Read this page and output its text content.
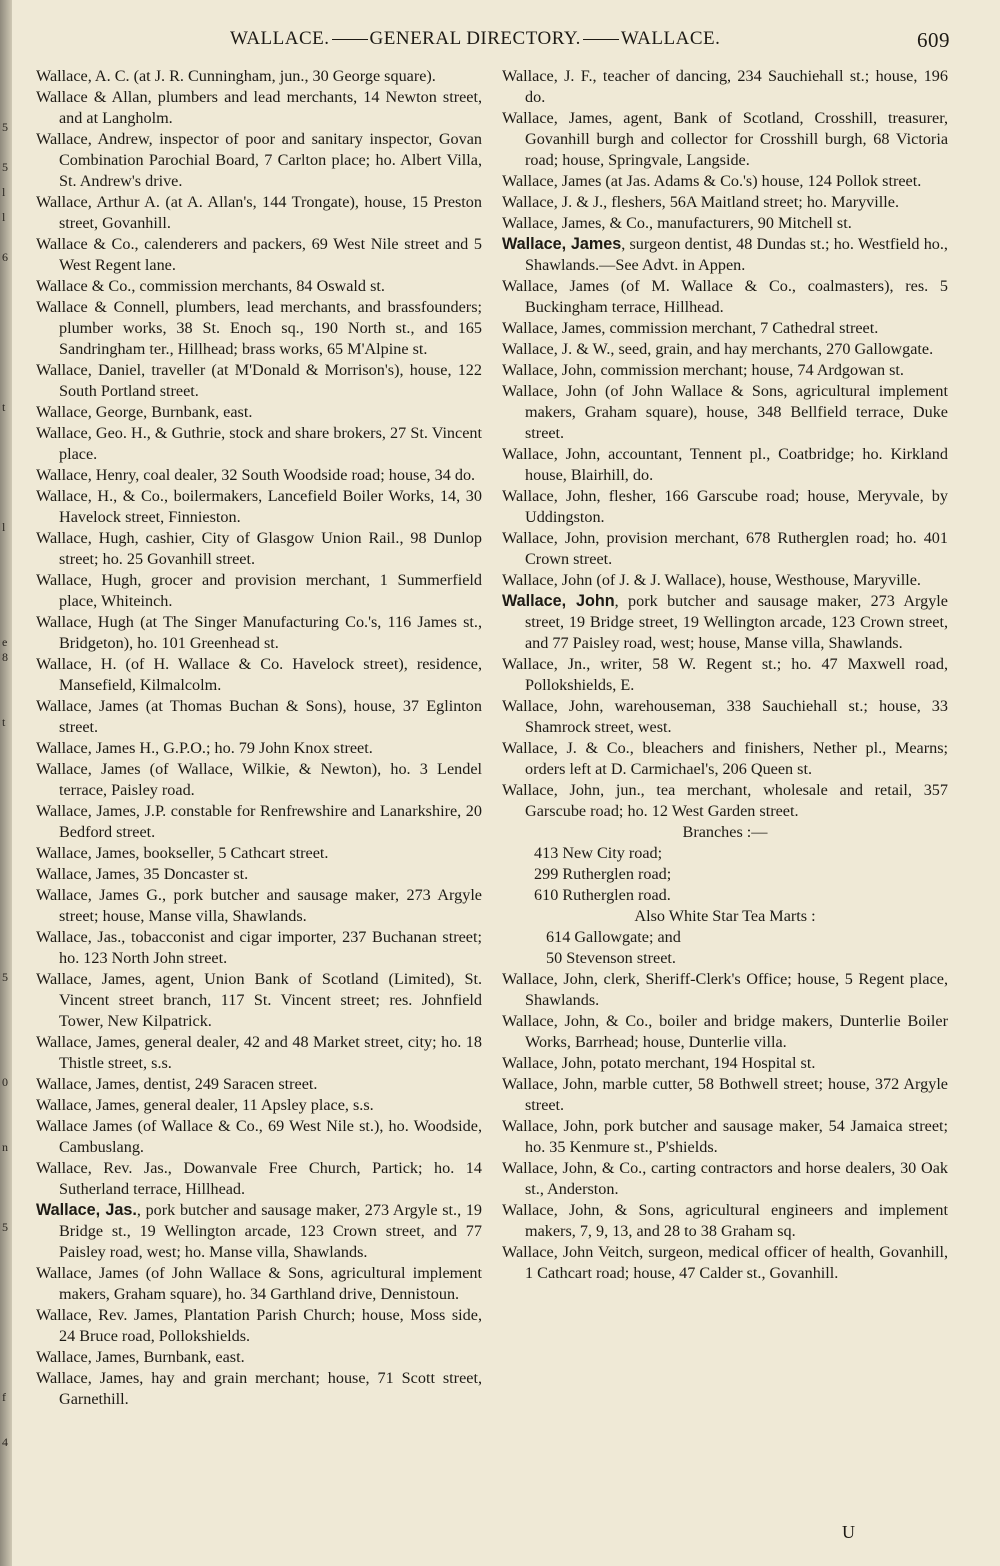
5
5
l
l
6
t
l
e
8
t
5
0
n
5
f
4
WALLACE. GENERAL DIRECTORY. WALLACE.	609
Wallace, A. C. (at J. R. Cunningham, jun., 30 George square).
Wallace & Allan, plumbers and lead merchants, 14 Newton street, and at Langholm.
Wallace, Andrew, inspector of poor and sanitary inspector, Govan Combination Parochial Board, 7 Carlton place; ho. Albert Villa, St. Andrew's drive.
Wallace, Arthur A. (at A. Allan's, 144 Trongate), house, 15 Preston street, Govanhill.
Wallace & Co., calenderers and packers, 69 West Nile street and 5 West Regent lane.
Wallace & Co., commission merchants, 84 Oswald st.
Wallace & Connell, plumbers, lead merchants, and brassfounders; plumber works, 38 St. Enoch sq., 190 North st., and 165 Sandringham ter., Hillhead; brass works, 65 M'Alpine st.
Wallace, Daniel, traveller (at M'Donald & Morrison's), house, 122 South Portland street.
Wallace, George, Burnbank, east.
Wallace, Geo. H., & Guthrie, stock and share brokers, 27 St. Vincent place.
Wallace, Henry, coal dealer, 32 South Woodside road; house, 34 do.
Wallace, H., & Co., boilermakers, Lancefield Boiler Works, 14, 30 Havelock street, Finnieston.
Wallace, Hugh, cashier, City of Glasgow Union Rail., 98 Dunlop street; ho. 25 Govanhill street.
Wallace, Hugh, grocer and provision merchant, 1 Summerfield place, Whiteinch.
Wallace, Hugh (at The Singer Manufacturing Co.'s, 116 James st., Bridgeton), ho. 101 Greenhead st.
Wallace, H. (of H. Wallace & Co. Havelock street), residence, Mansefield, Kilmalcolm.
Wallace, James (at Thomas Buchan & Sons), house, 37 Eglinton street.
Wallace, James H., G.P.O.; ho. 79 John Knox street.
Wallace, James (of Wallace, Wilkie, & Newton), ho. 3 Lendel terrace, Paisley road.
Wallace, James, J.P. constable for Renfrewshire and Lanarkshire, 20 Bedford street.
Wallace, James, bookseller, 5 Cathcart street.
Wallace, James, 35 Doncaster st.
Wallace, James G., pork butcher and sausage maker, 273 Argyle street; house, Manse villa, Shawlands.
Wallace, Jas., tobacconist and cigar importer, 237 Buchanan street; ho. 123 North John street.
Wallace, James, agent, Union Bank of Scotland (Limited), St. Vincent street branch, 117 St. Vincent street; res. Johnfield Tower, New Kilpatrick.
Wallace, James, general dealer, 42 and 48 Market street, city; ho. 18 Thistle street, s.s.
Wallace, James, dentist, 249 Saracen street.
Wallace, James, general dealer, 11 Apsley place, s.s.
Wallace James (of Wallace & Co., 69 West Nile st.), ho. Woodside, Cambuslang.
Wallace, Rev. Jas., Dowanvale Free Church, Partick; ho. 14 Sutherland terrace, Hillhead.
Wallace, Jas., pork butcher and sausage maker, 273 Argyle st., 19 Bridge st., 19 Wellington arcade, 123 Crown street, and 77 Paisley road, west; ho. Manse villa, Shawlands.
Wallace, James (of John Wallace & Sons, agricultural implement makers, Graham square), ho. 34 Garthland drive, Dennistoun.
Wallace, Rev. James, Plantation Parish Church; house, Moss side, 24 Bruce road, Pollokshields.
Wallace, James, Burnbank, east.
Wallace, James, hay and grain merchant; house, 71 Scott street, Garnethill.
Wallace, J. F., teacher of dancing, 234 Sauchiehall st.; house, 196 do.
Wallace, James, agent, Bank of Scotland, Crosshill, treasurer, Govanhill burgh and collector for Crosshill burgh, 68 Victoria road; house, Springvale, Langside.
Wallace, James (at Jas. Adams & Co.'s) house, 124 Pollok street.
Wallace, J. & J., fleshers, 56A Maitland street; ho. Maryville.
Wallace, James, & Co., manufacturers, 90 Mitchell st.
Wallace, James, surgeon dentist, 48 Dundas st.; ho. Westfield ho., Shawlands.—See Advt. in Appen.
Wallace, James (of M. Wallace & Co., coalmasters), res. 5 Buckingham terrace, Hillhead.
Wallace, James, commission merchant, 7 Cathedral street.
Wallace, J. & W., seed, grain, and hay merchants, 270 Gallowgate.
Wallace, John, commission merchant; house, 74 Ardgowan st.
Wallace, John (of John Wallace & Sons, agricultural implement makers, Graham square), house, 348 Bellfield terrace, Duke street.
Wallace, John, accountant, Tennent pl., Coatbridge; ho. Kirkland house, Blairhill, do.
Wallace, John, flesher, 166 Garscube road; house, Meryvale, by Uddingston.
Wallace, John, provision merchant, 678 Rutherglen road; ho. 401 Crown street.
Wallace, John (of J. & J. Wallace), house, Westhouse, Maryville.
Wallace, John, pork butcher and sausage maker, 273 Argyle street, 19 Bridge street, 19 Wellington arcade, 123 Crown street, and 77 Paisley road, west; house, Manse villa, Shawlands.
Wallace, Jn., writer, 58 W. Regent st.; ho. 47 Maxwell road, Pollokshields, E.
Wallace, John, warehouseman, 338 Sauchiehall st.; house, 33 Shamrock street, west.
Wallace, J. & Co., bleachers and finishers, Nether pl., Mearns; orders left at D. Carmichael's, 206 Queen st.
Wallace, John, jun., tea merchant, wholesale and retail, 357 Garscube road; ho. 12 West Garden street.
Branches :—
413 New City road;
299 Rutherglen road;
610 Rutherglen road.
Also White Star Tea Marts :
614 Gallowgate; and
50 Stevenson street.
Wallace, John, clerk, Sheriff-Clerk's Office; house, 5 Regent place, Shawlands.
Wallace, John, & Co., boiler and bridge makers, Dunterlie Boiler Works, Barrhead; house, Dunterlie villa.
Wallace, John, potato merchant, 194 Hospital st.
Wallace, John, marble cutter, 58 Bothwell street; house, 372 Argyle street.
Wallace, John, pork butcher and sausage maker, 54 Jamaica street; ho. 35 Kenmure st., P'shields.
Wallace, John, & Co., carting contractors and horse dealers, 30 Oak st., Anderston.
Wallace, John, & Sons, agricultural engineers and implement makers, 7, 9, 13, and 28 to 38 Graham sq.
Wallace, John Veitch, surgeon, medical officer of health, Govanhill, 1 Cathcart road; house, 47 Calder st., Govanhill.
U
